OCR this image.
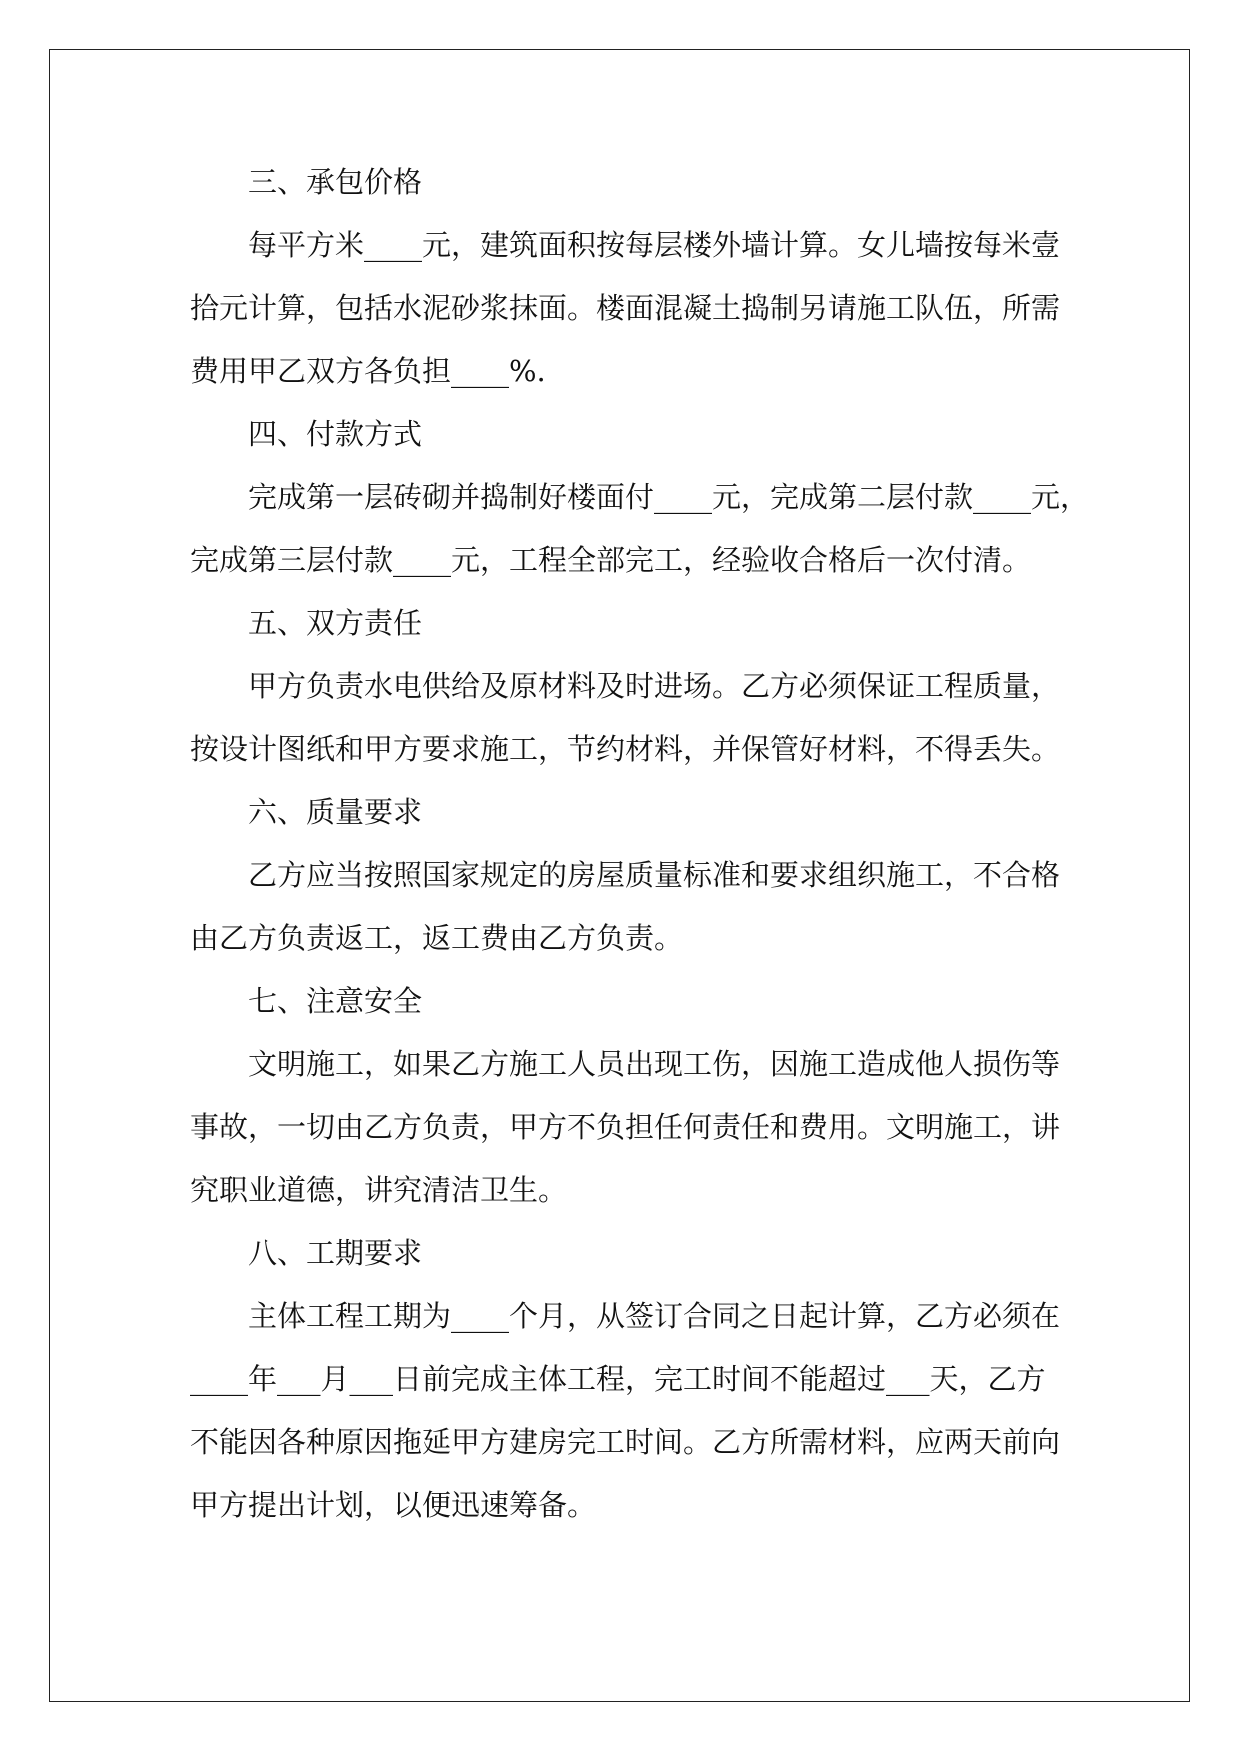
三、承包价格
每平方米____元，建筑面积按每层楼外墙计算。女儿墙按每米壹
拾元计算，包括水泥砂浆抹面。楼面混凝土捣制另请施工队伍，所需
费用甲乙双方各负担____%.
四、付款方式
完成第一层砖砌并捣制好楼面付____元，完成第二层付款____元，
完成第三层付款____元，工程全部完工，经验收合格后一次付清。
五、双方责任
甲方负责水电供给及原材料及时进场。乙方必须保证工程质量，
按设计图纸和甲方要求施工，节约材料，并保管好材料，不得丢失。
六、质量要求
乙方应当按照国家规定的房屋质量标准和要求组织施工，不合格
由乙方负责返工，返工费由乙方负责。
七、注意安全
文明施工，如果乙方施工人员出现工伤，因施工造成他人损伤等
事故，一切由乙方负责，甲方不负担任何责任和费用。文明施工，讲
究职业道德，讲究清洁卫生。
八、工期要求
主体工程工期为____个月，从签订合同之日起计算，乙方必须在
____年___月___日前完成主体工程，完工时间不能超过___天，乙方
不能因各种原因拖延甲方建房完工时间。乙方所需材料，应两天前向
甲方提出计划，以便迅速筹备。
